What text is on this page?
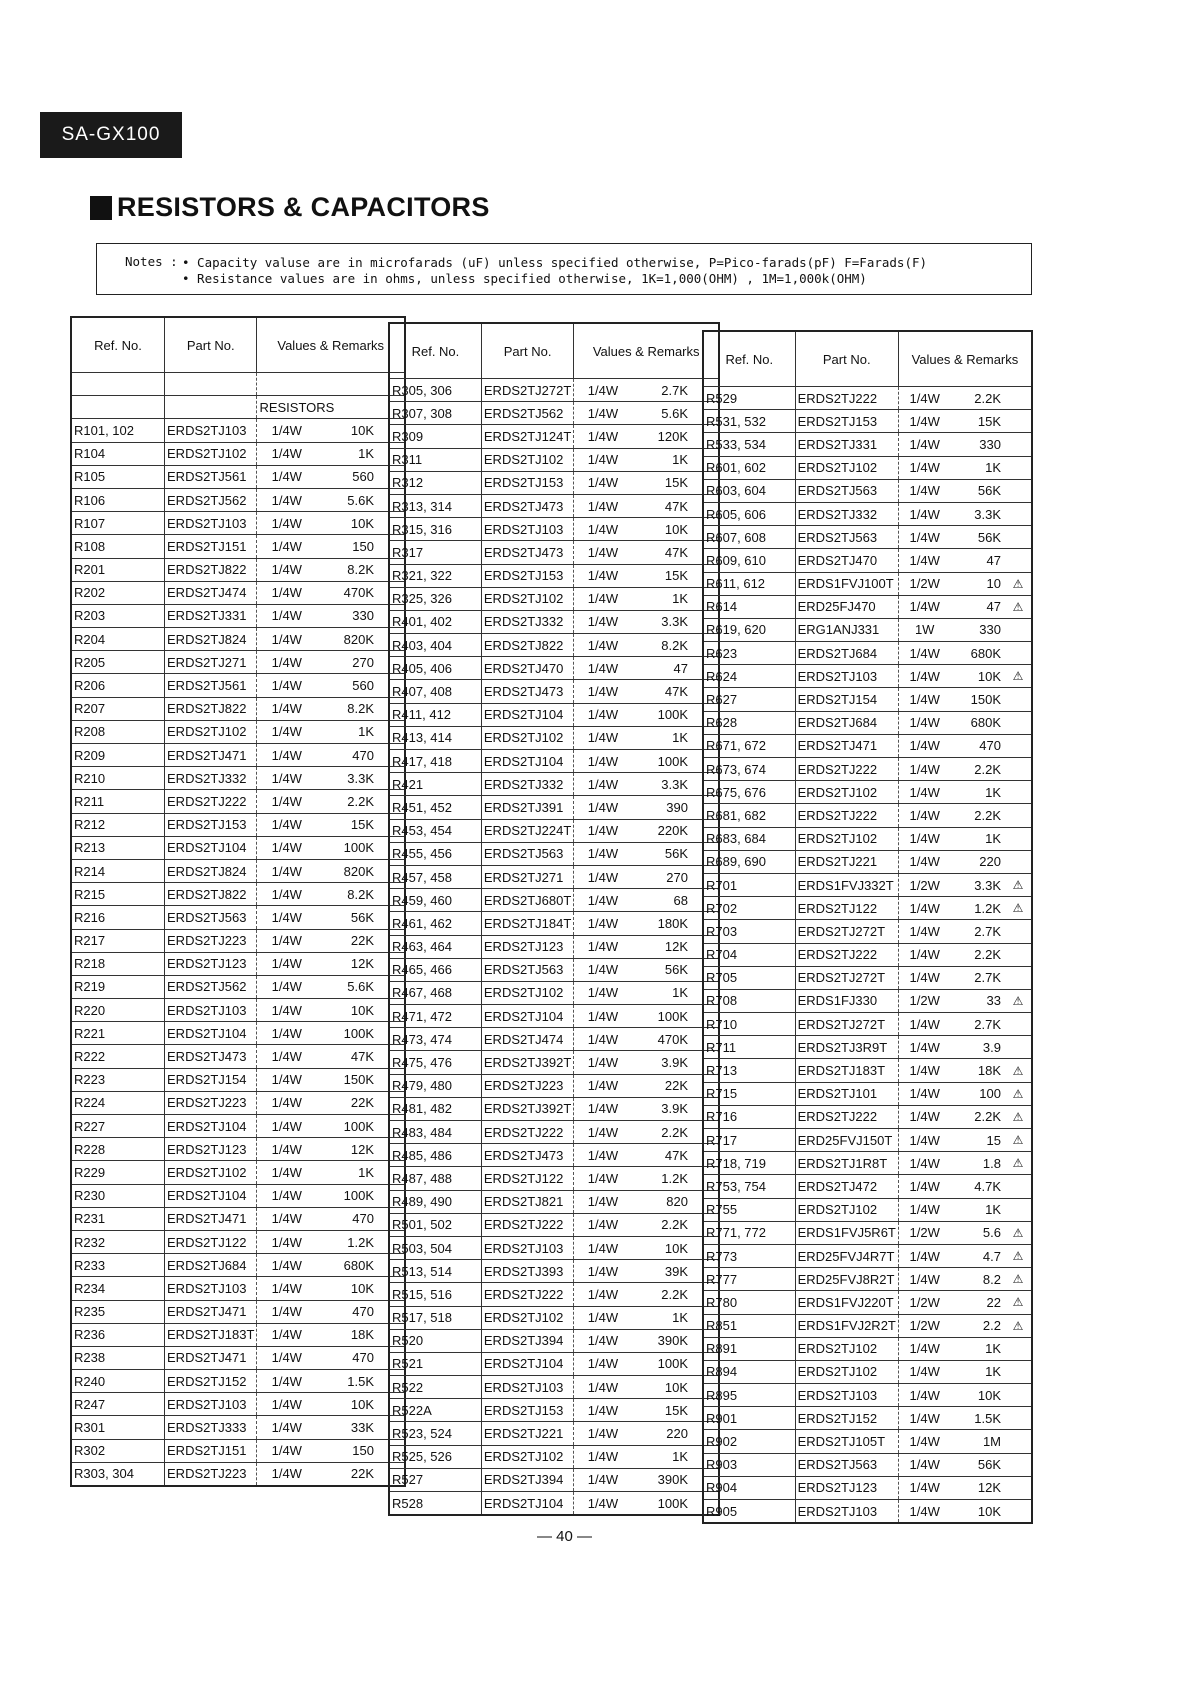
SA-GX100
RESISTORS & CAPACITORS
Notes : • Capacity valuse are in microfarads (uF) unless specified otherwise, P=Pico-farads(pF) F=Farads(F)
• Resistance values are in ohms, unless specified otherwise, 1K=1,000(OHM) , 1M=1,000k(OHM)
Ref. No.	Part No.	Values & Remarks		

		RESISTORS		
R101, 102	ERDS2TJ103	1/4W	10K	
R104	ERDS2TJ102	1/4W	1K	
R105	ERDS2TJ561	1/4W	560	
R106	ERDS2TJ562	1/4W	5.6K	
R107	ERDS2TJ103	1/4W	10K	
R108	ERDS2TJ151	1/4W	150	
R201	ERDS2TJ822	1/4W	8.2K	
R202	ERDS2TJ474	1/4W	470K	
R203	ERDS2TJ331	1/4W	330	
R204	ERDS2TJ824	1/4W	820K	
R205	ERDS2TJ271	1/4W	270	
R206	ERDS2TJ561	1/4W	560	
R207	ERDS2TJ822	1/4W	8.2K	
R208	ERDS2TJ102	1/4W	1K	
R209	ERDS2TJ471	1/4W	470	
R210	ERDS2TJ332	1/4W	3.3K	
R211	ERDS2TJ222	1/4W	2.2K	
R212	ERDS2TJ153	1/4W	15K	
R213	ERDS2TJ104	1/4W	100K	
R214	ERDS2TJ824	1/4W	820K	
R215	ERDS2TJ822	1/4W	8.2K	
R216	ERDS2TJ563	1/4W	56K	
R217	ERDS2TJ223	1/4W	22K	
R218	ERDS2TJ123	1/4W	12K	
R219	ERDS2TJ562	1/4W	5.6K	
R220	ERDS2TJ103	1/4W	10K	
R221	ERDS2TJ104	1/4W	100K	
R222	ERDS2TJ473	1/4W	47K	
R223	ERDS2TJ154	1/4W	150K	
R224	ERDS2TJ223	1/4W	22K	
R227	ERDS2TJ104	1/4W	100K	
R228	ERDS2TJ123	1/4W	12K	
R229	ERDS2TJ102	1/4W	1K	
R230	ERDS2TJ104	1/4W	100K	
R231	ERDS2TJ471	1/4W	470	
R232	ERDS2TJ122	1/4W	1.2K	
R233	ERDS2TJ684	1/4W	680K	
R234	ERDS2TJ103	1/4W	10K	
R235	ERDS2TJ471	1/4W	470	
R236	ERDS2TJ183T	1/4W	18K	
R238	ERDS2TJ471	1/4W	470	
R240	ERDS2TJ152	1/4W	1.5K	
R247	ERDS2TJ103	1/4W	10K	
R301	ERDS2TJ333	1/4W	33K	
R302	ERDS2TJ151	1/4W	150	
R303, 304	ERDS2TJ223	1/4W	22K	
Ref. No.	Part No.	Values & Remarks		
R305, 306	ERDS2TJ272T	1/4W	2.7K	
R307, 308	ERDS2TJ562	1/4W	5.6K	
R309	ERDS2TJ124T	1/4W	120K	
R311	ERDS2TJ102	1/4W	1K	
R312	ERDS2TJ153	1/4W	15K	
R313, 314	ERDS2TJ473	1/4W	47K	
R315, 316	ERDS2TJ103	1/4W	10K	
R317	ERDS2TJ473	1/4W	47K	
R321, 322	ERDS2TJ153	1/4W	15K	
R325, 326	ERDS2TJ102	1/4W	1K	
R401, 402	ERDS2TJ332	1/4W	3.3K	
R403, 404	ERDS2TJ822	1/4W	8.2K	
R405, 406	ERDS2TJ470	1/4W	47	
R407, 408	ERDS2TJ473	1/4W	47K	
R411, 412	ERDS2TJ104	1/4W	100K	
R413, 414	ERDS2TJ102	1/4W	1K	
R417, 418	ERDS2TJ104	1/4W	100K	
R421	ERDS2TJ332	1/4W	3.3K	
R451, 452	ERDS2TJ391	1/4W	390	
R453, 454	ERDS2TJ224T	1/4W	220K	
R455, 456	ERDS2TJ563	1/4W	56K	
R457, 458	ERDS2TJ271	1/4W	270	
R459, 460	ERDS2TJ680T	1/4W	68	
R461, 462	ERDS2TJ184T	1/4W	180K	
R463, 464	ERDS2TJ123	1/4W	12K	
R465, 466	ERDS2TJ563	1/4W	56K	
R467, 468	ERDS2TJ102	1/4W	1K	
R471, 472	ERDS2TJ104	1/4W	100K	
R473, 474	ERDS2TJ474	1/4W	470K	
R475, 476	ERDS2TJ392T	1/4W	3.9K	
R479, 480	ERDS2TJ223	1/4W	22K	
R481, 482	ERDS2TJ392T	1/4W	3.9K	
R483, 484	ERDS2TJ222	1/4W	2.2K	
R485, 486	ERDS2TJ473	1/4W	47K	
R487, 488	ERDS2TJ122	1/4W	1.2K	
R489, 490	ERDS2TJ821	1/4W	820	
R501, 502	ERDS2TJ222	1/4W	2.2K	
R503, 504	ERDS2TJ103	1/4W	10K	
R513, 514	ERDS2TJ393	1/4W	39K	
R515, 516	ERDS2TJ222	1/4W	2.2K	
R517, 518	ERDS2TJ102	1/4W	1K	
R520	ERDS2TJ394	1/4W	390K	
R521	ERDS2TJ104	1/4W	100K	
R522	ERDS2TJ103	1/4W	10K	
R522A	ERDS2TJ153	1/4W	15K	
R523, 524	ERDS2TJ221	1/4W	220	
R525, 526	ERDS2TJ102	1/4W	1K	
R527	ERDS2TJ394	1/4W	390K	
R528	ERDS2TJ104	1/4W	100K	
Ref. No.	Part No.	Values & Remarks		
R529	ERDS2TJ222	1/4W	2.2K	
R531, 532	ERDS2TJ153	1/4W	15K	
R533, 534	ERDS2TJ331	1/4W	330	
R601, 602	ERDS2TJ102	1/4W	1K	
R603, 604	ERDS2TJ563	1/4W	56K	
R605, 606	ERDS2TJ332	1/4W	3.3K	
R607, 608	ERDS2TJ563	1/4W	56K	
R609, 610	ERDS2TJ470	1/4W	47	
R611, 612	ERDS1FVJ100T	1/2W	10	⚠
R614	ERD25FJ470	1/4W	47	⚠
R619, 620	ERG1ANJ331	1W	330	
R623	ERDS2TJ684	1/4W	680K	
R624	ERDS2TJ103	1/4W	10K	⚠
R627	ERDS2TJ154	1/4W	150K	
R628	ERDS2TJ684	1/4W	680K	
R671, 672	ERDS2TJ471	1/4W	470	
R673, 674	ERDS2TJ222	1/4W	2.2K	
R675, 676	ERDS2TJ102	1/4W	1K	
R681, 682	ERDS2TJ222	1/4W	2.2K	
R683, 684	ERDS2TJ102	1/4W	1K	
R689, 690	ERDS2TJ221	1/4W	220	
R701	ERDS1FVJ332T	1/2W	3.3K	⚠
R702	ERDS2TJ122	1/4W	1.2K	⚠
R703	ERDS2TJ272T	1/4W	2.7K	
R704	ERDS2TJ222	1/4W	2.2K	
R705	ERDS2TJ272T	1/4W	2.7K	
R708	ERDS1FJ330	1/2W	33	⚠
R710	ERDS2TJ272T	1/4W	2.7K	
R711	ERDS2TJ3R9T	1/4W	3.9	
R713	ERDS2TJ183T	1/4W	18K	⚠
R715	ERDS2TJ101	1/4W	100	⚠
R716	ERDS2TJ222	1/4W	2.2K	⚠
R717	ERD25FVJ150T	1/4W	15	⚠
R718, 719	ERDS2TJ1R8T	1/4W	1.8	⚠
R753, 754	ERDS2TJ472	1/4W	4.7K	
R755	ERDS2TJ102	1/4W	1K	
R771, 772	ERDS1FVJ5R6T	1/2W	5.6	⚠
R773	ERD25FVJ4R7T	1/4W	4.7	⚠
R777	ERD25FVJ8R2T	1/4W	8.2	⚠
R780	ERDS1FVJ220T	1/2W	22	⚠
R851	ERDS1FVJ2R2T	1/2W	2.2	⚠
R891	ERDS2TJ102	1/4W	1K	
R894	ERDS2TJ102	1/4W	1K	
R895	ERDS2TJ103	1/4W	10K	
R901	ERDS2TJ152	1/4W	1.5K	
R902	ERDS2TJ105T	1/4W	1M	
R903	ERDS2TJ563	1/4W	56K	
R904	ERDS2TJ123	1/4W	12K	
R905	ERDS2TJ103	1/4W	10K	
— 40 —
